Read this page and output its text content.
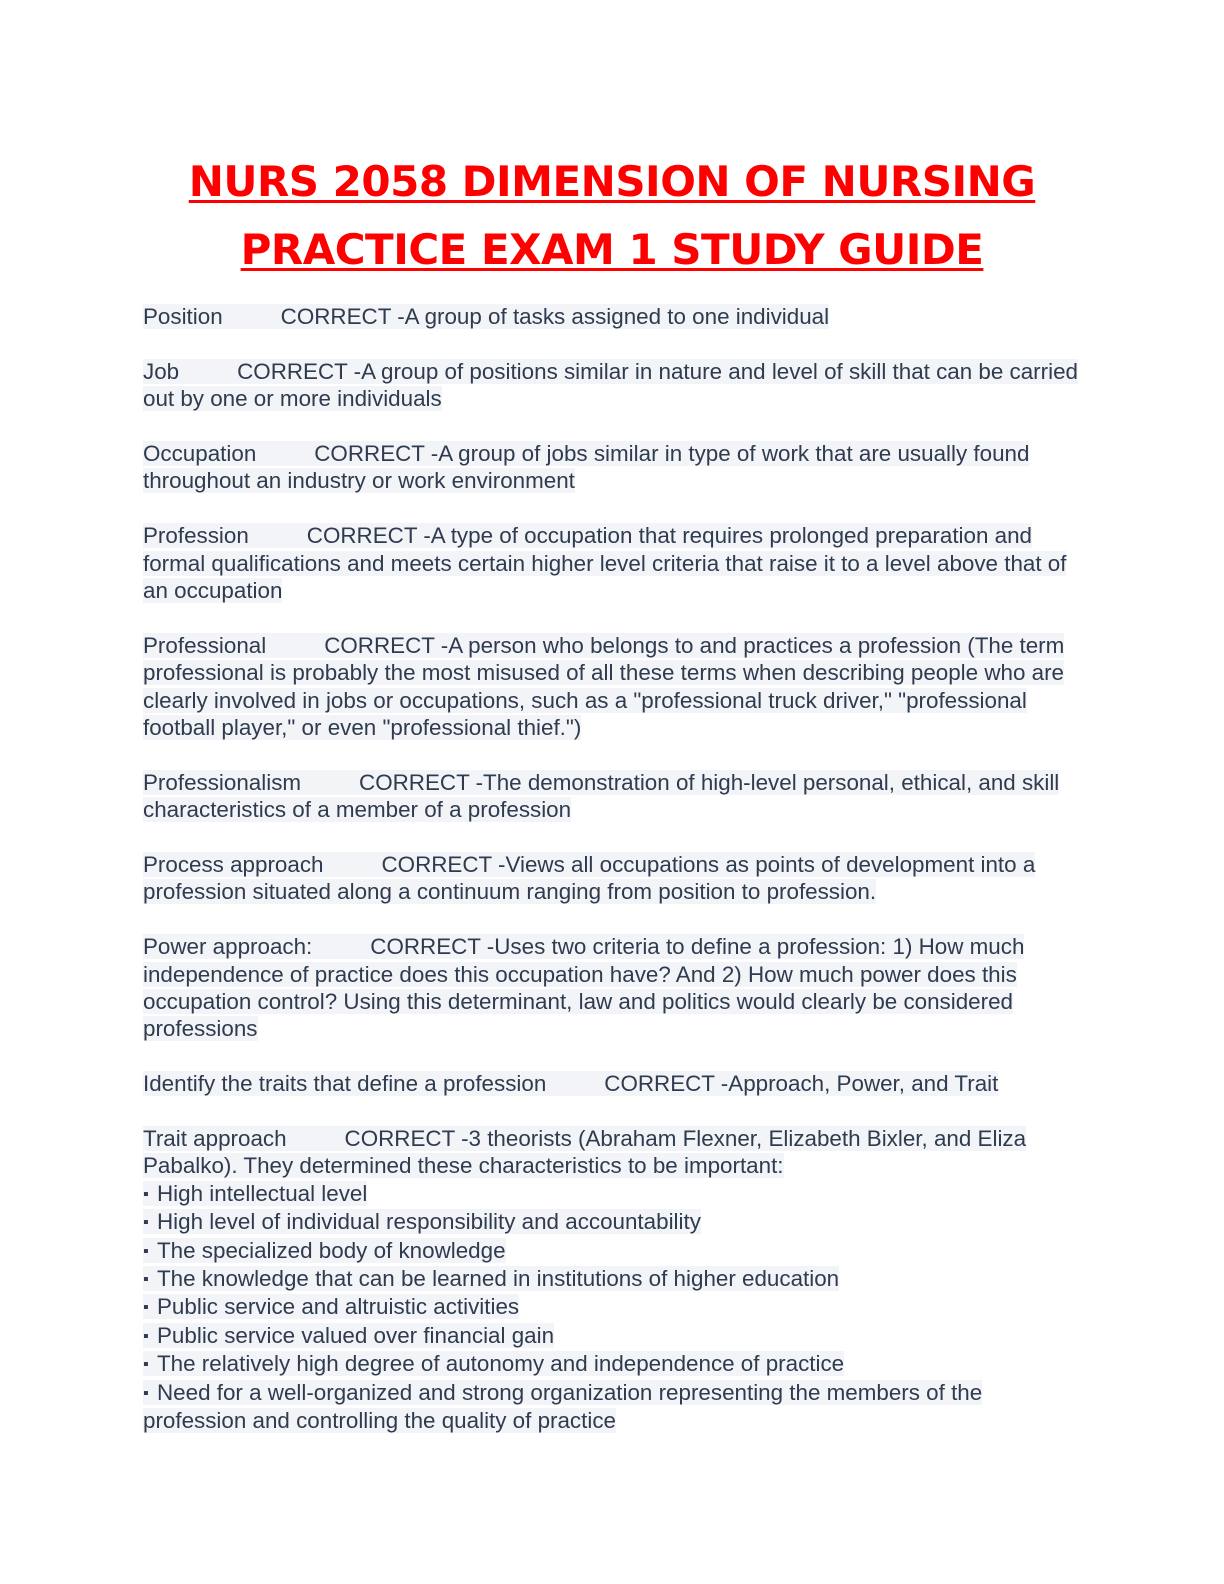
NURS 2058 DIMENSION OF NURSING
PRACTICE EXAM 1 STUDY GUIDE
Position	CORRECT -A group of tasks assigned to one individual
Job	CORRECT -A group of positions similar in nature and level of skill that can be carried out by one or more individuals
Occupation	CORRECT -A group of jobs similar in type of work that are usually found throughout an industry or work environment
Profession	CORRECT -A type of occupation that requires prolonged preparation and formal qualifications and meets certain higher level criteria that raise it to a level above that of an occupation
Professional	CORRECT -A person who belongs to and practices a profession (The term professional is probably the most misused of all these terms when describing people who are clearly involved in jobs or occupations, such as a "professional truck driver," "professional football player," or even "professional thief.")
Professionalism	CORRECT -The demonstration of high-level personal, ethical, and skill characteristics of a member of a profession
Process approach	CORRECT -Views all occupations as points of development into a profession situated along a continuum ranging from position to profession.
Power approach:	CORRECT -Uses two criteria to define a profession: 1) How much independence of practice does this occupation have? And 2) How much power does this occupation control? Using this determinant, law and politics would clearly be considered professions
Identify the traits that define a profession	CORRECT -Approach, Power, and Trait
Trait approach	CORRECT -3 theorists (Abraham Flexner, Elizabeth Bixler, and Eliza Pabalko). They determined these characteristics to be important:
▪ High intellectual level
▪ High level of individual responsibility and accountability
▪ The specialized body of knowledge
▪ The knowledge that can be learned in institutions of higher education
▪ Public service and altruistic activities
▪ Public service valued over financial gain
▪ The relatively high degree of autonomy and independence of practice
▪ Need for a well-organized and strong organization representing the members of the profession and controlling the quality of practice
